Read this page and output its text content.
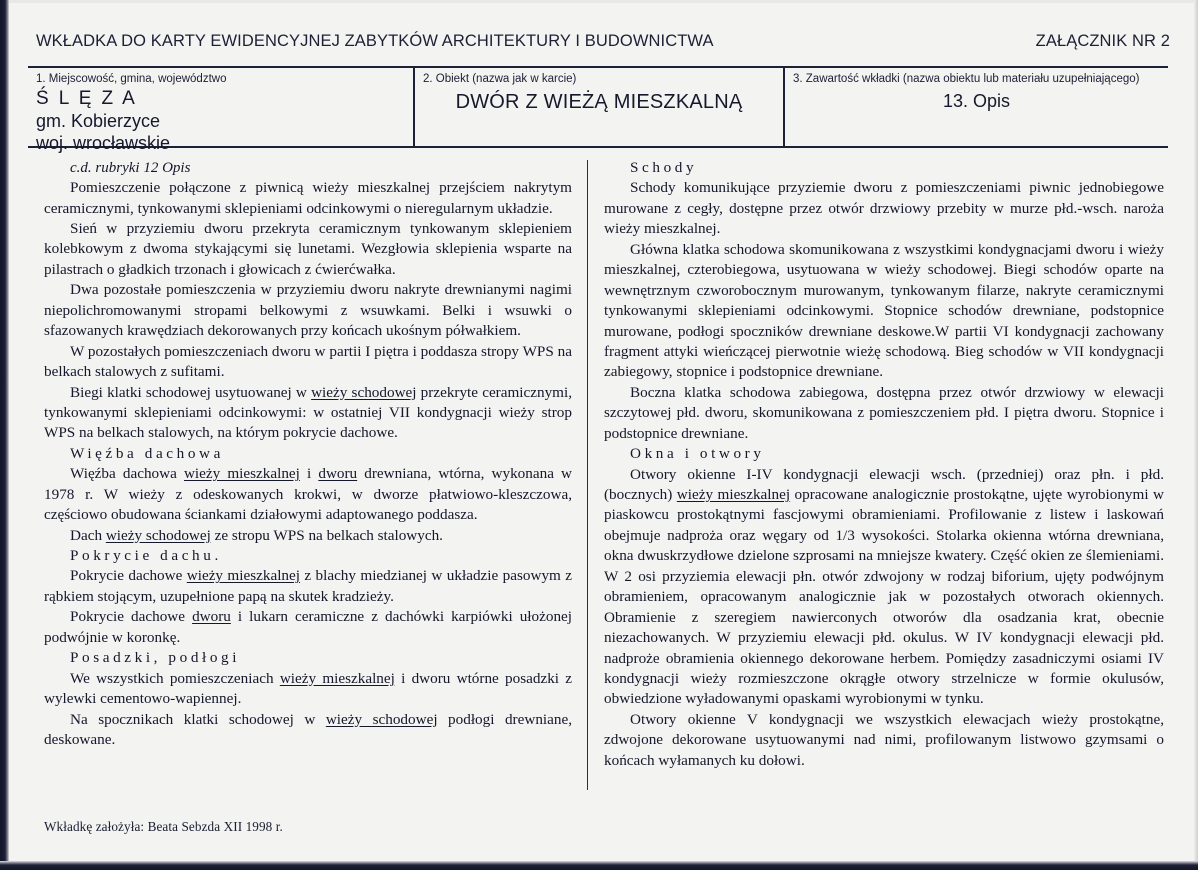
WKŁADKA DO KARTY EWIDENCYJNEJ ZABYTKÓW ARCHITEKTURY I BUDOWNICTWA	ZAŁĄCZNIK NR 2
1. Miejscowość, gmina, województwo
Ś L Ę Z A
gm. Kobierzyce
woj. wrocławskie
2. Obiekt (nazwa jak w karcie)
DWÓR Z WIEŻĄ MIESZKALNĄ
3. Zawartość wkładki (nazwa obiektu lub materiału uzupełniającego)
13. Opis

c.d. rubryki 12 Opis

Pomieszczenie połączone z piwnicą wieży mieszkalnej przejściem nakrytym ceramicznymi, tynkowanymi sklepieniami odcinkowymi o nieregularnym układzie.

Sień w przyziemiu dworu przekryta ceramicznym tynkowanym sklepieniem kolebkowym z dwoma stykającymi się lunetami. Wezgłowia sklepienia wsparte na pilastrach o gładkich trzonach i głowicach z ćwierćwałka.

Dwa pozostałe pomieszczenia w przyziemiu dworu nakryte drewnianymi nagimi niepolichromowanymi stropami belkowymi z wsuwkami. Belki i wsuwki o sfazowanych krawędziach dekorowanych przy końcach ukośnym półwałkiem.

W pozostałych pomieszczeniach dworu w partii I piętra i poddasza stropy WPS na belkach stalowych z sufitami.

Biegi klatki schodowej usytuowanej w wieży schodowej przekryte ceramicznymi, tynkowanymi sklepieniami odcinkowymi: w ostatniej VII kondygnacji wieży strop WPS na belkach stalowych, na którym pokrycie dachowe.

Więźba dachowa

Więźba dachowa wieży mieszkalnej i dworu drewniana, wtórna, wykonana w 1978 r. W wieży z odeskowanych krokwi, w dworze płatwiowo-kleszczowa, częściowo obudowana ściankami działowymi adaptowanego poddasza.

Dach wieży schodowej ze stropu WPS na belkach stalowych.

Pokrycie dachu.

Pokrycie dachowe wieży mieszkalnej z blachy miedzianej w układzie pasowym z rąbkiem stojącym, uzupełnione papą na skutek kradzieży.

Pokrycie dachowe dworu i lukarn ceramiczne z dachówki karpiówki ułożonej podwójnie w koronkę.

Posadzki, podłogi

We wszystkich pomieszczeniach wieży mieszkalnej i dworu wtórne posadzki z wylewki cementowo-wapiennej.

Na spocznikach klatki schodowej w wieży schodowej podłogi drewniane, deskowane.

Schody

Schody komunikujące przyziemie dworu z pomieszczeniami piwnic jednobiegowe murowane z cegły, dostępne przez otwór drzwiowy przebity w murze płd.-wsch. naroża wieży mieszkalnej.

Główna klatka schodowa skomunikowana z wszystkimi kondygnacjami dworu i wieży mieszkalnej, czterobiegowa, usytuowana w wieży schodowej. Biegi schodów oparte na wewnętrznym czworobocznym murowanym, tynkowanym filarze, nakryte ceramicznymi tynkowanymi sklepieniami odcinkowymi. Stopnice schodów drewniane, podstopnice murowane, podłogi spoczników drewniane deskowe.W partii VI kondygnacji zachowany fragment attyki wieńczącej pierwotnie wieżę schodową. Bieg schodów w VII kondygnacji zabiegowy, stopnice i podstopnice drewniane.

Boczna klatka schodowa zabiegowa, dostępna przez otwór drzwiowy w elewacji szczytowej płd. dworu, skomunikowana z pomieszczeniem płd. I piętra dworu. Stopnice i podstopnice drewniane.

Okna i otwory

Otwory okienne I-IV kondygnacji elewacji wsch. (przedniej) oraz płn. i płd. (bocznych) wieży mieszkalnej opracowane analogicznie prostokątne, ujęte wyrobionymi w piaskowcu prostokątnymi fascjowymi obramieniami. Profilowanie z listew i laskowań obejmuje nadproża oraz węgary od 1/3 wysokości. Stolarka okienna wtórna drewniana, okna dwuskrzydłowe dzielone szprosami na mniejsze kwatery. Część okien ze ślemieniami. W 2 osi przyziemia elewacji płn. otwór zdwojony w rodzaj biforium, ujęty podwójnym obramieniem, opracowanym analogicznie jak w pozostałych otworach okiennych. Obramienie z szeregiem nawierconych otworów dla osadzania krat, obecnie niezachowanych. W przyziemiu elewacji płd. okulus. W IV kondygnacji elewacji płd. nadproże obramienia okiennego dekorowane herbem. Pomiędzy zasadniczymi osiami IV kondygnacji wieży rozmieszczone okrągłe otwory strzelnicze w formie okulusów, obwiedzione wyładowanymi opaskami wyrobionymi w tynku.

Otwory okienne V kondygnacji we wszystkich elewacjach wieży prostokątne, zdwojone dekorowane usytuowanymi nad nimi, profilowanym listwowo gzymsami o końcach wyłamanych ku dołowi.

Wkładkę założyła: Beata Sebzda XII 1998 r.
